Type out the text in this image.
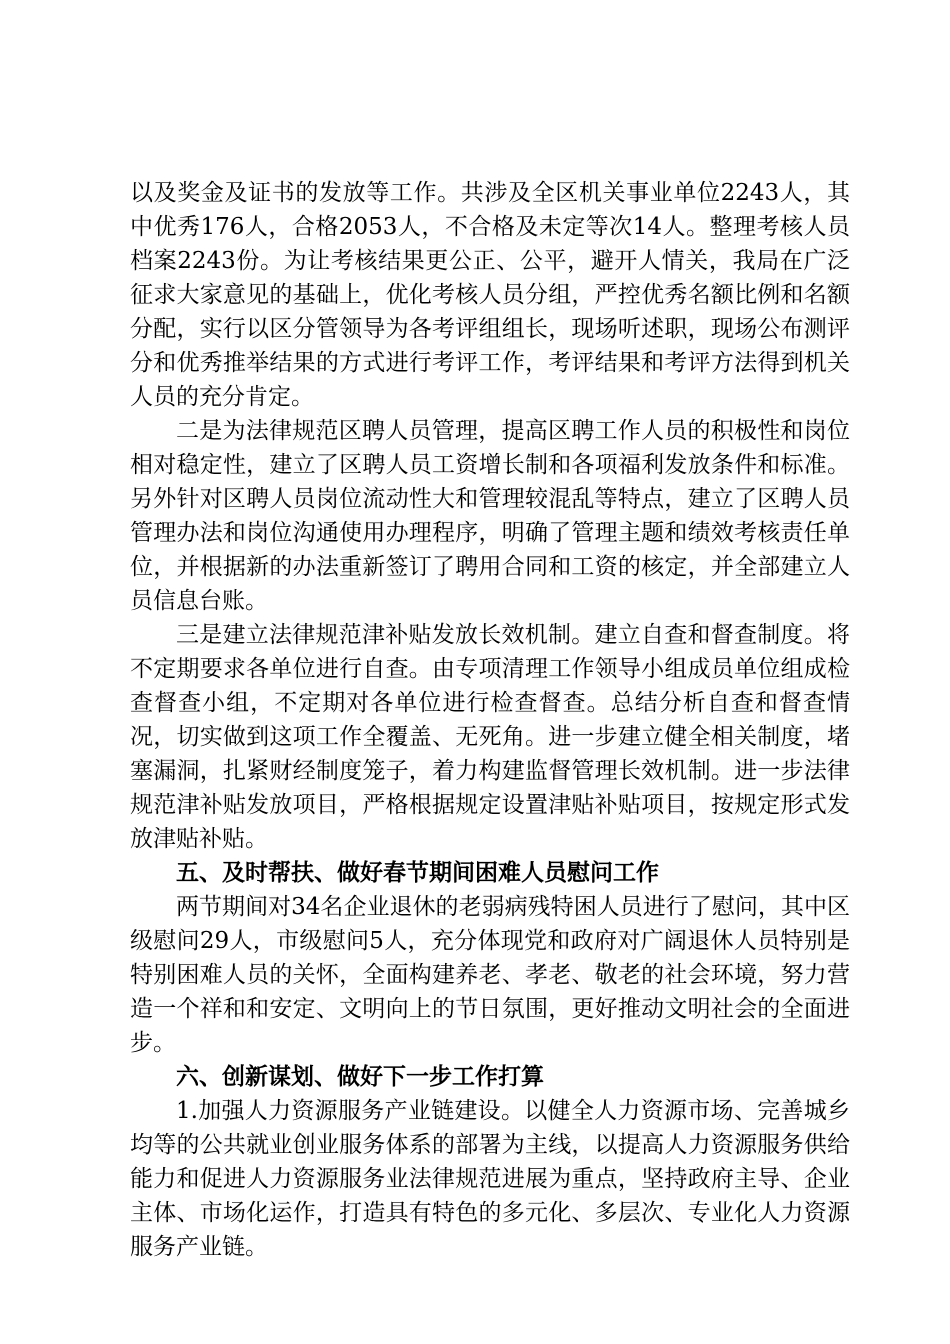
以及奖金及证书的发放等工作。共涉及全区机关事业单位2243人，其中优秀176人，合格2053人，不合格及未定等次14人。整理考核人员档案2243份。为让考核结果更公正、公平，避开人情关，我局在广泛征求大家意见的基础上，优化考核人员分组，严控优秀名额比例和名额分配，实行以区分管领导为各考评组组长，现场听述职，现场公布测评分和优秀推举结果的方式进行考评工作，考评结果和考评方法得到机关人员的充分肯定。

二是为法律规范区聘人员管理，提高区聘工作人员的积极性和岗位相对稳定性，建立了区聘人员工资增长制和各项福利发放条件和标准。另外针对区聘人员岗位流动性大和管理较混乱等特点，建立了区聘人员管理办法和岗位沟通使用办理程序，明确了管理主题和绩效考核责任单位，并根据新的办法重新签订了聘用合同和工资的核定，并全部建立人员信息台账。

三是建立法律规范津补贴发放长效机制。建立自查和督查制度。将不定期要求各单位进行自查。由专项清理工作领导小组成员单位组成检查督查小组，不定期对各单位进行检查督查。总结分析自查和督查情况，切实做到这项工作全覆盖、无死角。进一步建立健全相关制度，堵塞漏洞，扎紧财经制度笼子，着力构建监督管理长效机制。进一步法律规范津补贴发放项目，严格根据规定设置津贴补贴项目，按规定形式发放津贴补贴。

五、及时帮扶、做好春节期间困难人员慰问工作

两节期间对34名企业退休的老弱病残特困人员进行了慰问，其中区级慰问29人，市级慰问5人，充分体现党和政府对广阔退休人员特别是特别困难人员的关怀，全面构建养老、孝老、敬老的社会环境，努力营造一个祥和和安定、文明向上的节日氛围，更好推动文明社会的全面进步。

六、创新谋划、做好下一步工作打算

1.加强人力资源服务产业链建设。以健全人力资源市场、完善城乡均等的公共就业创业服务体系的部署为主线，以提高人力资源服务供给能力和促进人力资源服务业法律规范进展为重点，坚持政府主导、企业主体、市场化运作，打造具有特色的多元化、多层次、专业化人力资源服务产业链。
